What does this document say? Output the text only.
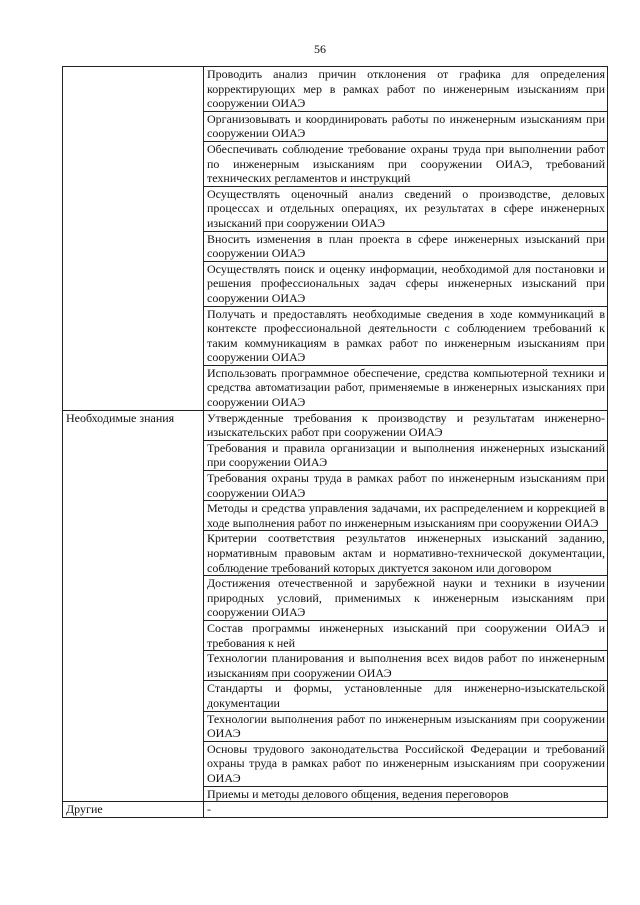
56
	Проводить анализ причин отклонения от графика для определения корректирующих мер в рамках работ по инженерным изысканиям при сооружении ОИАЭ
	Организовывать и координировать работы по инженерным изысканиям при сооружении ОИАЭ
	Обеспечивать соблюдение требование охраны труда при выполнении работ по инженерным изысканиям при сооружении ОИАЭ, требований технических регламентов и инструкций
	Осуществлять оценочный анализ сведений о производстве, деловых процессах и отдельных операциях, их результатах в сфере инженерных изысканий при сооружении ОИАЭ
	Вносить изменения в план проекта в сфере инженерных изысканий при сооружении ОИАЭ
	Осуществлять поиск и оценку информации, необходимой для постановки и решения профессиональных задач сферы инженерных изысканий при сооружении ОИАЭ
	Получать и предоставлять необходимые сведения в ходе коммуникаций в контексте профессиональной деятельности с соблюдением требований к таким коммуникациям в рамках работ по инженерным изысканиям при сооружении ОИАЭ
	Использовать программное обеспечение, средства компьютерной техники и средства автоматизации работ, применяемые в инженерных изысканиях при сооружении ОИАЭ
Необходимые знания	Утвержденные требования к производству и результатам инженерно-изыскательских работ при сооружении ОИАЭ
	Требования и правила организации и выполнения инженерных изысканий при сооружении ОИАЭ
	Требования охраны труда в рамках работ по инженерным изысканиям при сооружении ОИАЭ
	Методы и средства управления задачами, их распределением и коррекцией в ходе выполнения работ по инженерным изысканиям при сооружении ОИАЭ
	Критерии соответствия результатов инженерных изысканий заданию, нормативным правовым актам и нормативно-технической документации, соблюдение требований которых диктуется законом или договором
	Достижения отечественной и зарубежной науки и техники в изучении природных условий, применимых к инженерным изысканиям при сооружении ОИАЭ
	Состав программы инженерных изысканий при сооружении ОИАЭ и требования к ней
	Технологии планирования и выполнения всех видов работ по инженерным изысканиям при сооружении ОИАЭ
	Стандарты и формы, установленные для инженерно-изыскательской документации
	Технологии выполнения работ по инженерным изысканиям при сооружении ОИАЭ
	Основы трудового законодательства Российской Федерации и требований охраны труда в рамках работ по инженерным изысканиям при сооружении ОИАЭ
	Приемы и методы делового общения, ведения переговоров
Другие	-
